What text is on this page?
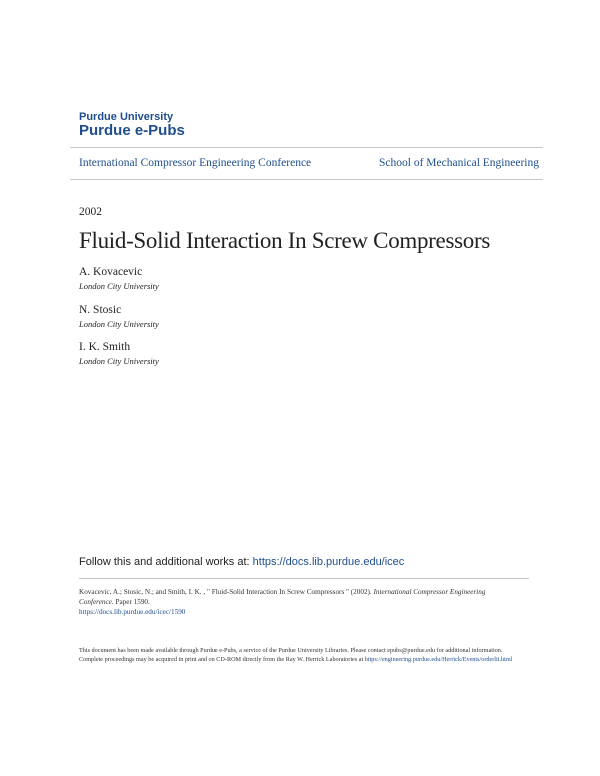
Purdue University
Purdue e-Pubs
International Compressor Engineering Conference	School of Mechanical Engineering
2002
Fluid-Solid Interaction In Screw Compressors
A. Kovacevic
London City University
N. Stosic
London City University
I. K. Smith
London City University
Follow this and additional works at: https://docs.lib.purdue.edu/icec
Kovacevic, A.; Stosic, N.; and Smith, I. K. , " Fluid-Solid Interaction In Screw Compressors " (2002). International Compressor Engineering Conference. Paper 1590.
https://docs.lib.purdue.edu/icec/1590
This document has been made available through Purdue e-Pubs, a service of the Purdue University Libraries. Please contact epubs@purdue.edu for additional information.
Complete proceedings may be acquired in print and on CD-ROM directly from the Ray W. Herrick Laboratories at https://engineering.purdue.edu/Herrick/Events/orderlit.html
